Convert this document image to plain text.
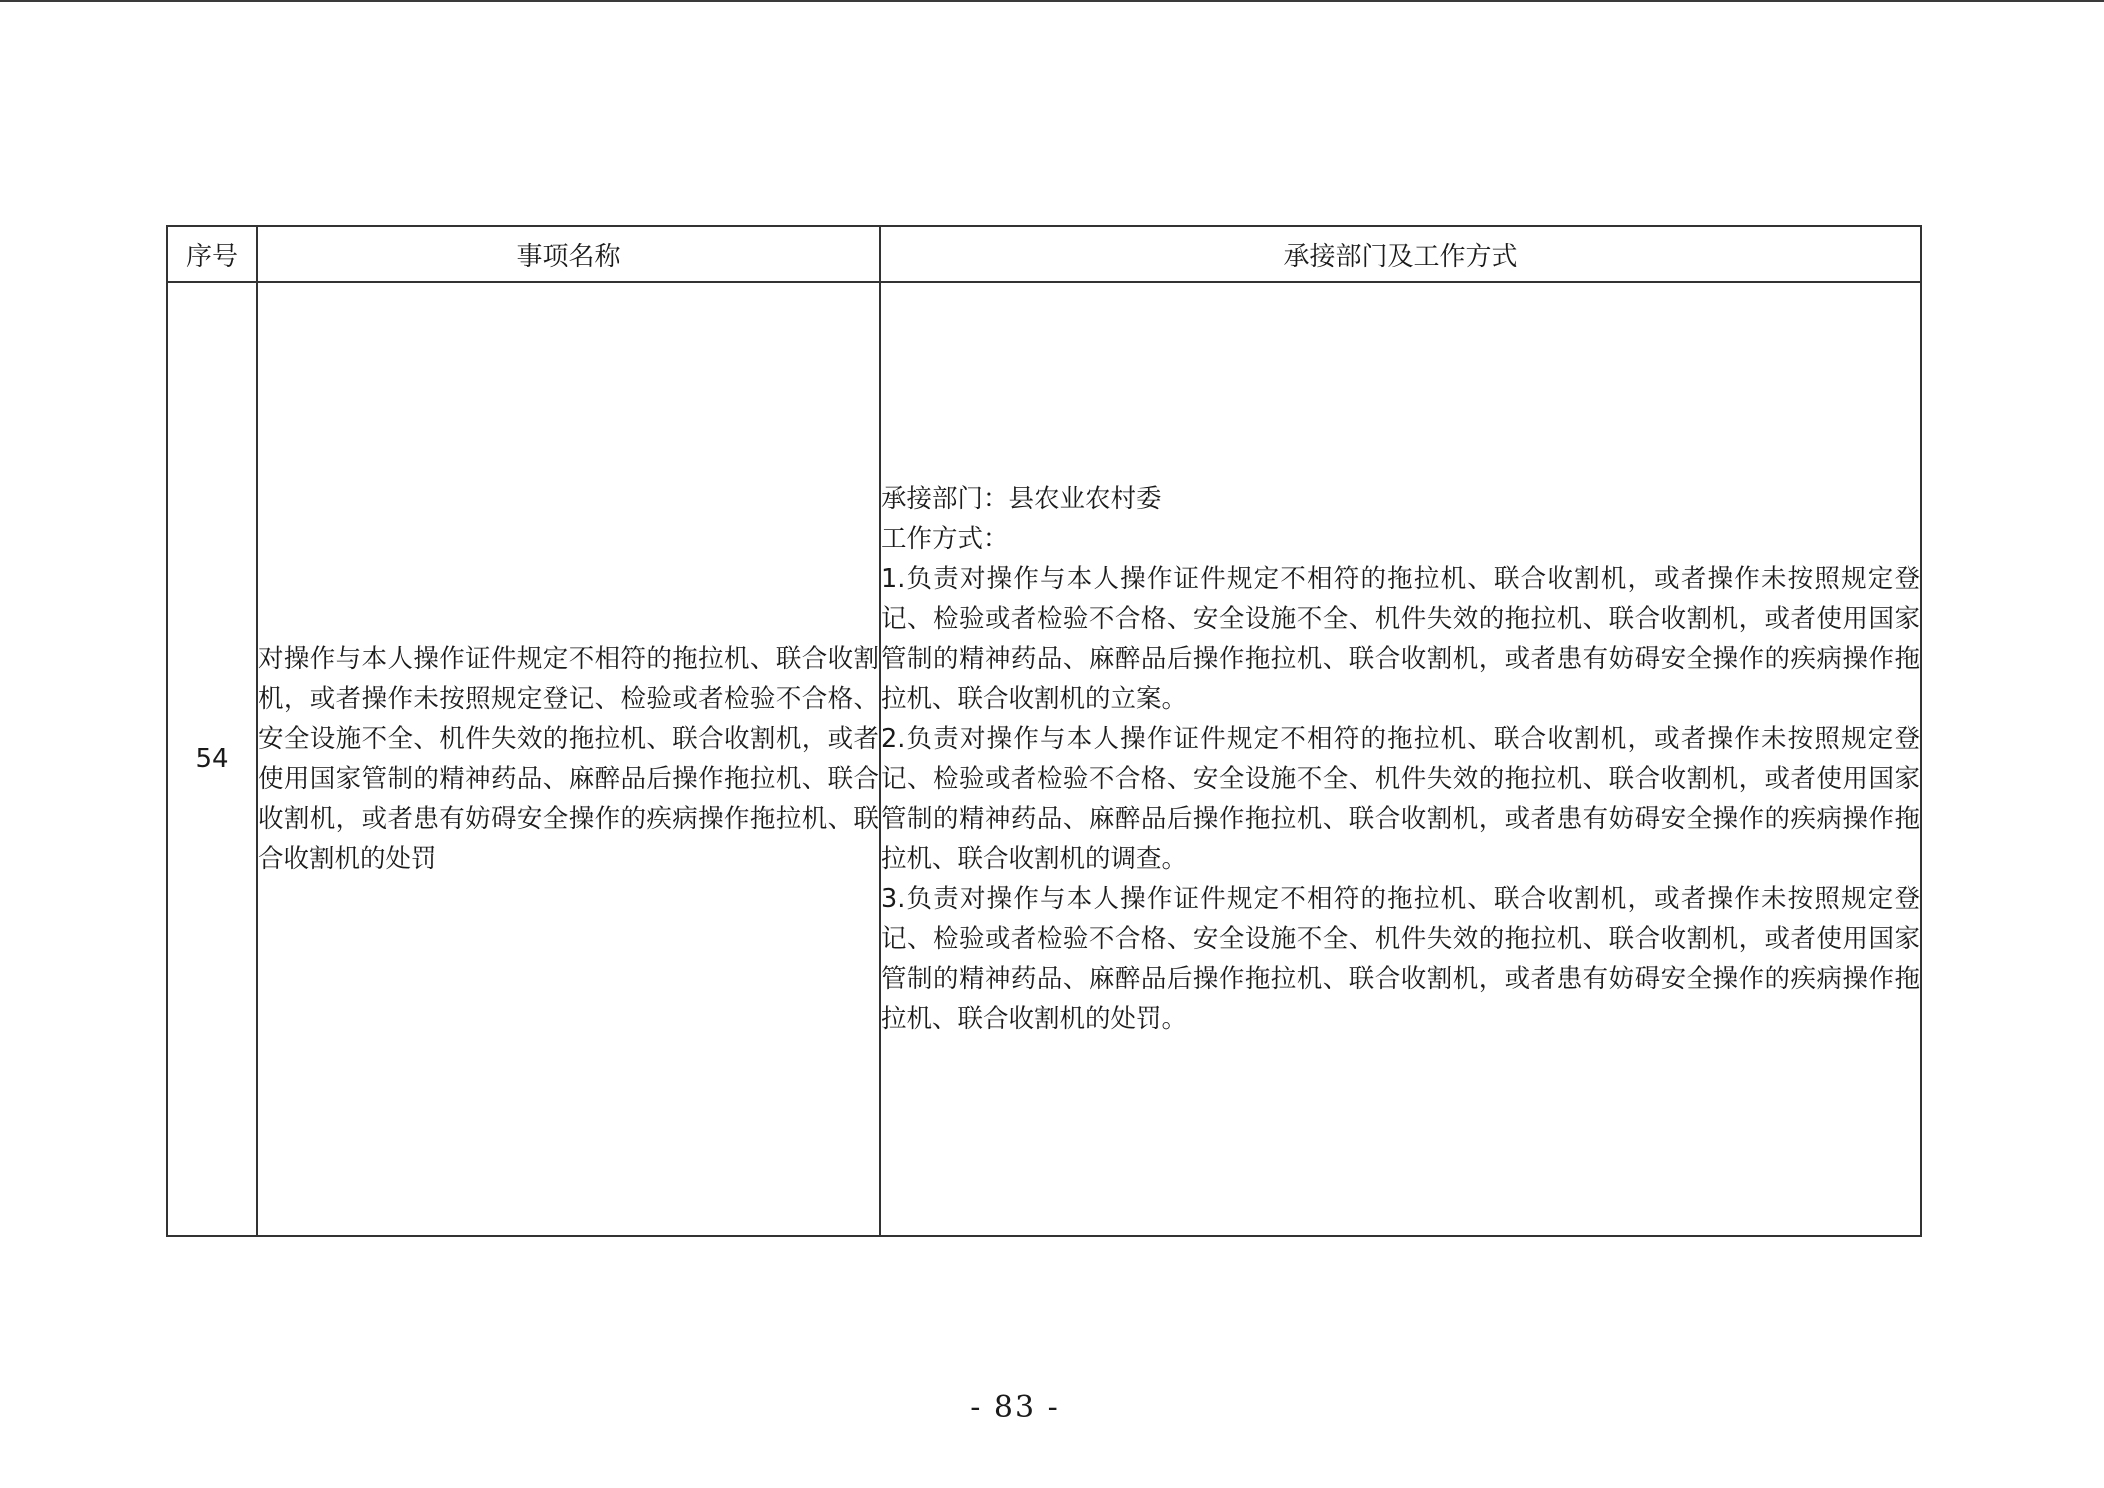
序号	事项名称	承接部门及工作方式
54	对操作与本人操作证件规定不相符的拖拉机、联合收割机，或者操作未按照规定登记、检验或者检验不合格、安全设施不全、机件失效的拖拉机、联合收割机，或者使用国家管制的精神药品、麻醉品后操作拖拉机、联合收割机，或者患有妨碍安全操作的疾病操作拖拉机、联合收割机的处罚	承接部门：县农业农村委
工作方式：
1.负责对操作与本人操作证件规定不相符的拖拉机、联合收割机，或者操作未按照规定登记、检验或者检验不合格、安全设施不全、机件失效的拖拉机、联合收割机，或者使用国家管制的精神药品、麻醉品后操作拖拉机、联合收割机，或者患有妨碍安全操作的疾病操作拖拉机、联合收割机的立案。
2.负责对操作与本人操作证件规定不相符的拖拉机、联合收割机，或者操作未按照规定登记、检验或者检验不合格、安全设施不全、机件失效的拖拉机、联合收割机，或者使用国家管制的精神药品、麻醉品后操作拖拉机、联合收割机，或者患有妨碍安全操作的疾病操作拖拉机、联合收割机的调查。
3.负责对操作与本人操作证件规定不相符的拖拉机、联合收割机，或者操作未按照规定登记、检验或者检验不合格、安全设施不全、机件失效的拖拉机、联合收割机，或者使用国家管制的精神药品、麻醉品后操作拖拉机、联合收割机，或者患有妨碍安全操作的疾病操作拖拉机、联合收割机的处罚。
- 83 -
